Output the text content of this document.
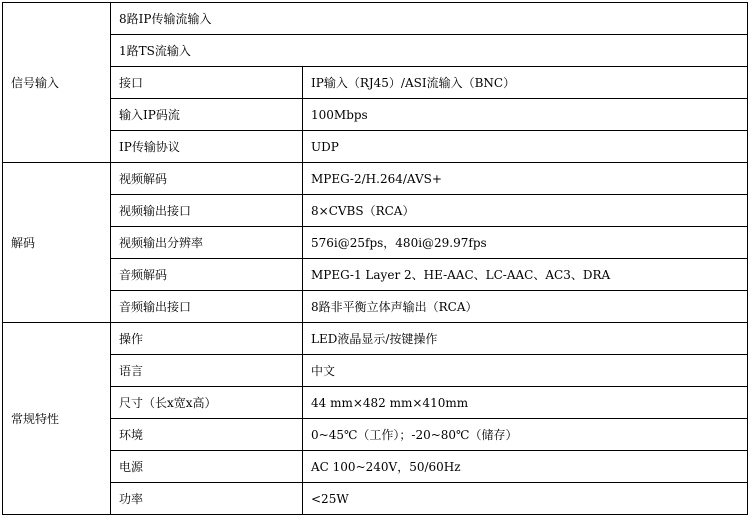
信号输入	8路IP传输流输入	
	1路TS流输入	
	接口	IP输入（RJ45）/ASI流输入（BNC）
	输入IP码流	100Mbps
	IP传输协议	UDP
解码	视频解码	MPEG-2/H.264/AVS+
	视频输出接口	8×CVBS（RCA）
	视频输出分辨率	576i@25fps，480i@29.97fps
	音频解码	MPEG-1 Layer 2、HE-AAC、LC-AAC、AC3、DRA
	音频输出接口	8路非平衡立体声输出（RCA）
常规特性	操作	LED液晶显示/按键操作
	语言	中文
	尺寸（长x宽x高）	44 mm×482 mm×410mm
	环境	0~45℃（工作）；-20~80℃（储存）
	电源	AC 100~240V，50/60Hz
	功率	<25W
